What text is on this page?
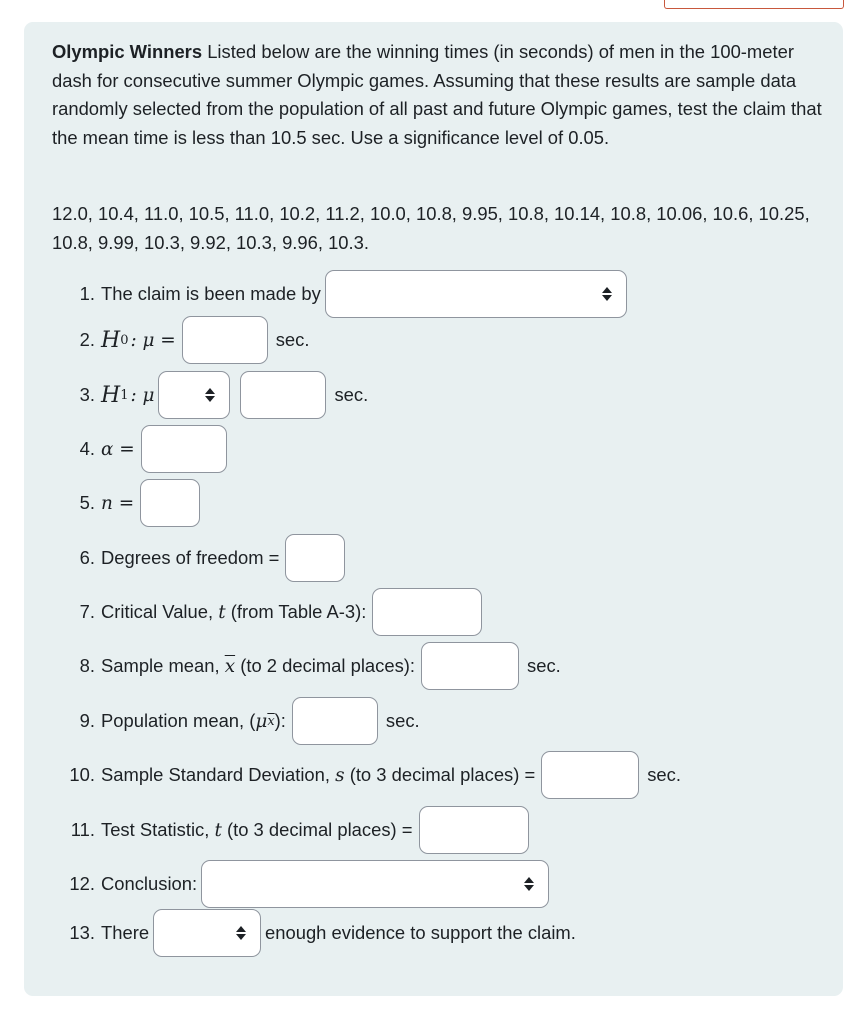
Olympic Winners Listed below are the winning times (in seconds) of men in the 100-meter dash for consecutive summer Olympic games. Assuming that these results are sample data randomly selected from the population of all past and future Olympic games, test the claim that the mean time is less than 10.5 sec. Use a significance level of 0.05.

12.0, 10.4, 11.0, 10.5, 11.0, 10.2, 11.2, 10.0, 10.8, 9.95, 10.8, 10.14, 10.8, 10.06, 10.6, 10.25, 10.8, 9.99, 10.3, 9.92, 10.3, 9.96, 10.3.

1. The claim is been made by
2. H 0 : μ =	sec.
3. H 1 : μ	sec.
4. α =
5. n =
6. Degrees of freedom =
7. Critical Value,
t
(from Table A-3):
8. Sample mean,
$\overline{x}$
(to 2 decimal places):	sec.
9. Population mean, ( μ $\overline{x}$ ):	sec.
10. Sample Standard Deviation,
s
(to 3 decimal places) =	sec.
11. Test Statistic,
t
(to 3 decimal places) =
12. Conclusion:
13. There	enough evidence to support the claim.
